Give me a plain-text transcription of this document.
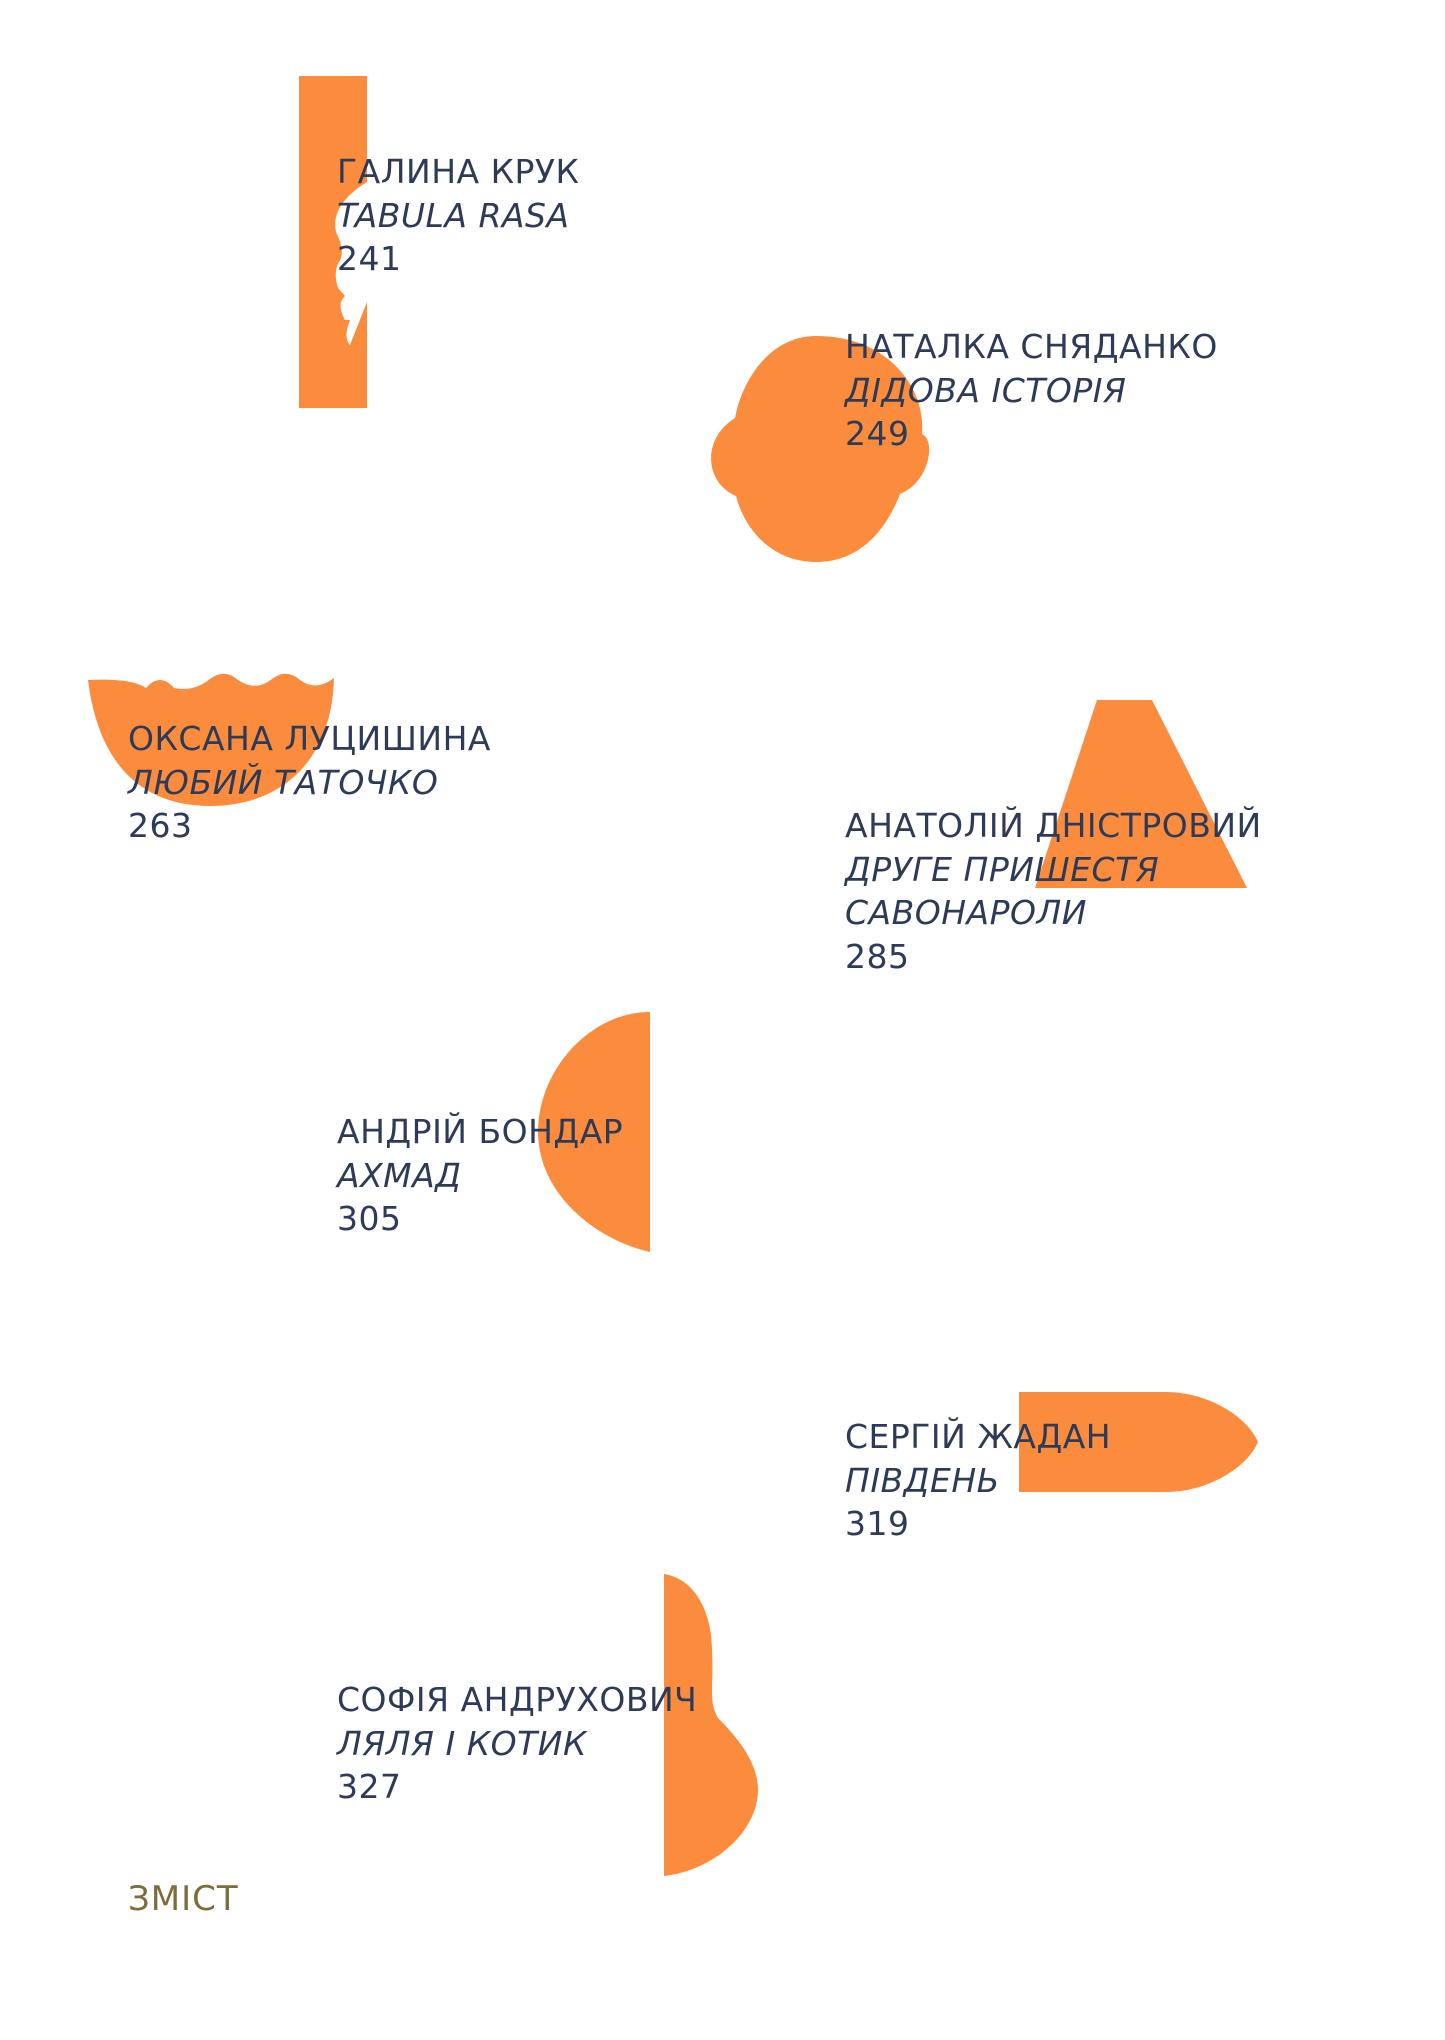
ГАЛИНА КРУК
TABULA RASA
241
НАТАЛКА СНЯДАНКО
ДІДОВА ІСТОРІЯ
249
ОКСАНА ЛУЦИШИНА
ЛЮБИЙ ТАТОЧКО
263	АНАТОЛІЙ ДНІСТРОВИЙ
ДРУГЕ ПРИШЕСТЯ
САВОНАРОЛИ
285
АНДРІЙ БОНДАР
АХМАД
305
СЕРГІЙ ЖАДАН
ПІВДЕНЬ
319
СОФІЯ АНДРУХОВИЧ
ЛЯЛЯ І КОТИК
327
ЗМІСТ
